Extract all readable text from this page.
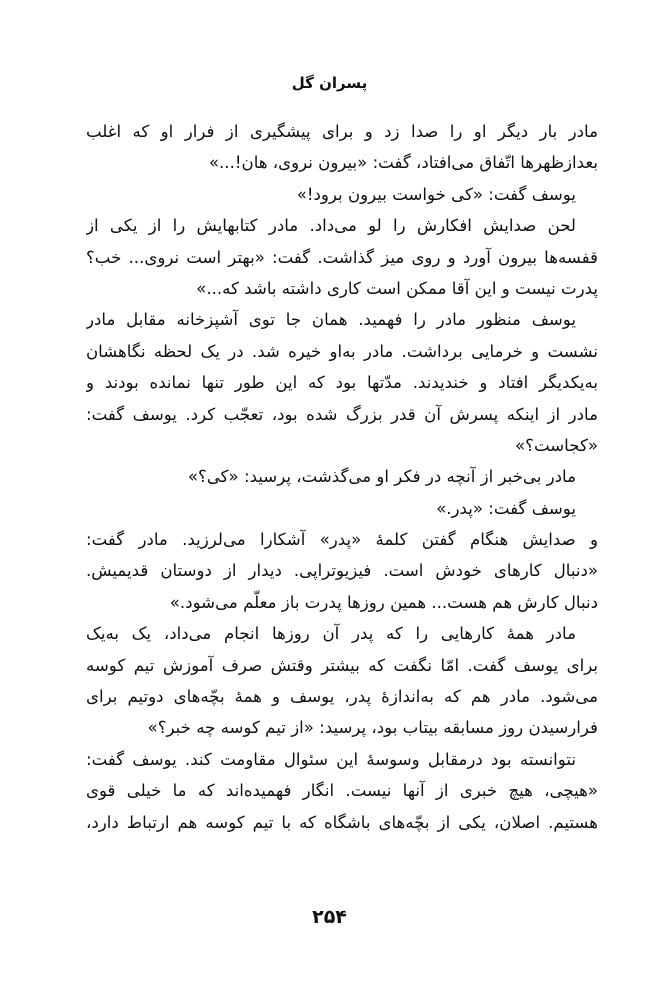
پسران گل
مادر بار دیگر او را صدا زد و برای پیشگیری از فرار او که اغلب
بعدازظهرها اتّفاق می‌افتاد، گفت: «بیرون نروی، هان!...»
یوسف گفت: «کی خواست بیرون برود!»
لحن صدایش افکارش را لو می‌داد. مادر کتابهایش را از یکی از
قفسه‌ها بیرون آورد و روی میز گذاشت. گفت: «بهتر است نروی... خب؟
پدرت نیست و این آقا ممکن است کاری داشته باشد که...»
یوسف منظور مادر را فهمید. همان جا توی آشپزخانه مقابل مادر
نشست و خرمایی برداشت. مادر به‌او خیره شد. در یک لحظه نگاهشان
به‌یکدیگر افتاد و خندیدند. مدّتها بود که این طور تنها نمانده بودند و
مادر از اینکه پسرش آن قدر بزرگ شده بود، تعجّب کرد. یوسف گفت:
«کجاست؟»
مادر بی‌خبر از آنچه در فکر او می‌گذشت، پرسید: «کی؟»
یوسف گفت: «پدر.»
و صدایش هنگام گفتن کلمهٔ «پدر» آشکارا می‌لرزید. مادر گفت:
«دنبال کارهای خودش است. فیزیوتراپی. دیدار از دوستان قدیمیش.
دنبال کارش هم هست... همین روزها پدرت باز معلّم می‌شود.»
مادر همهٔ کارهایی را که پدر آن روزها انجام می‌داد، یک به‌یک
برای یوسف گفت. امّا نگفت که بیشتر وقتش صرف آموزش تیم کوسه
می‌شود. مادر هم که به‌اندازهٔ پدر، یوسف و همهٔ بچّه‌های دوتیم برای
فرارسیدن روز مسابقه بیتاب بود، پرسید: «از تیم کوسه چه خبر؟»
نتوانسته بود درمقابل وسوسهٔ این سئوال مقاومت کند. یوسف گفت:
«هیچی، هیچ خبری از آنها نیست. انگار فهمیده‌اند که ما خیلی قوی
هستیم. اصلان، یکی از بچّه‌های باشگاه که با تیم کوسه هم ارتباط دارد،
۲۵۴
